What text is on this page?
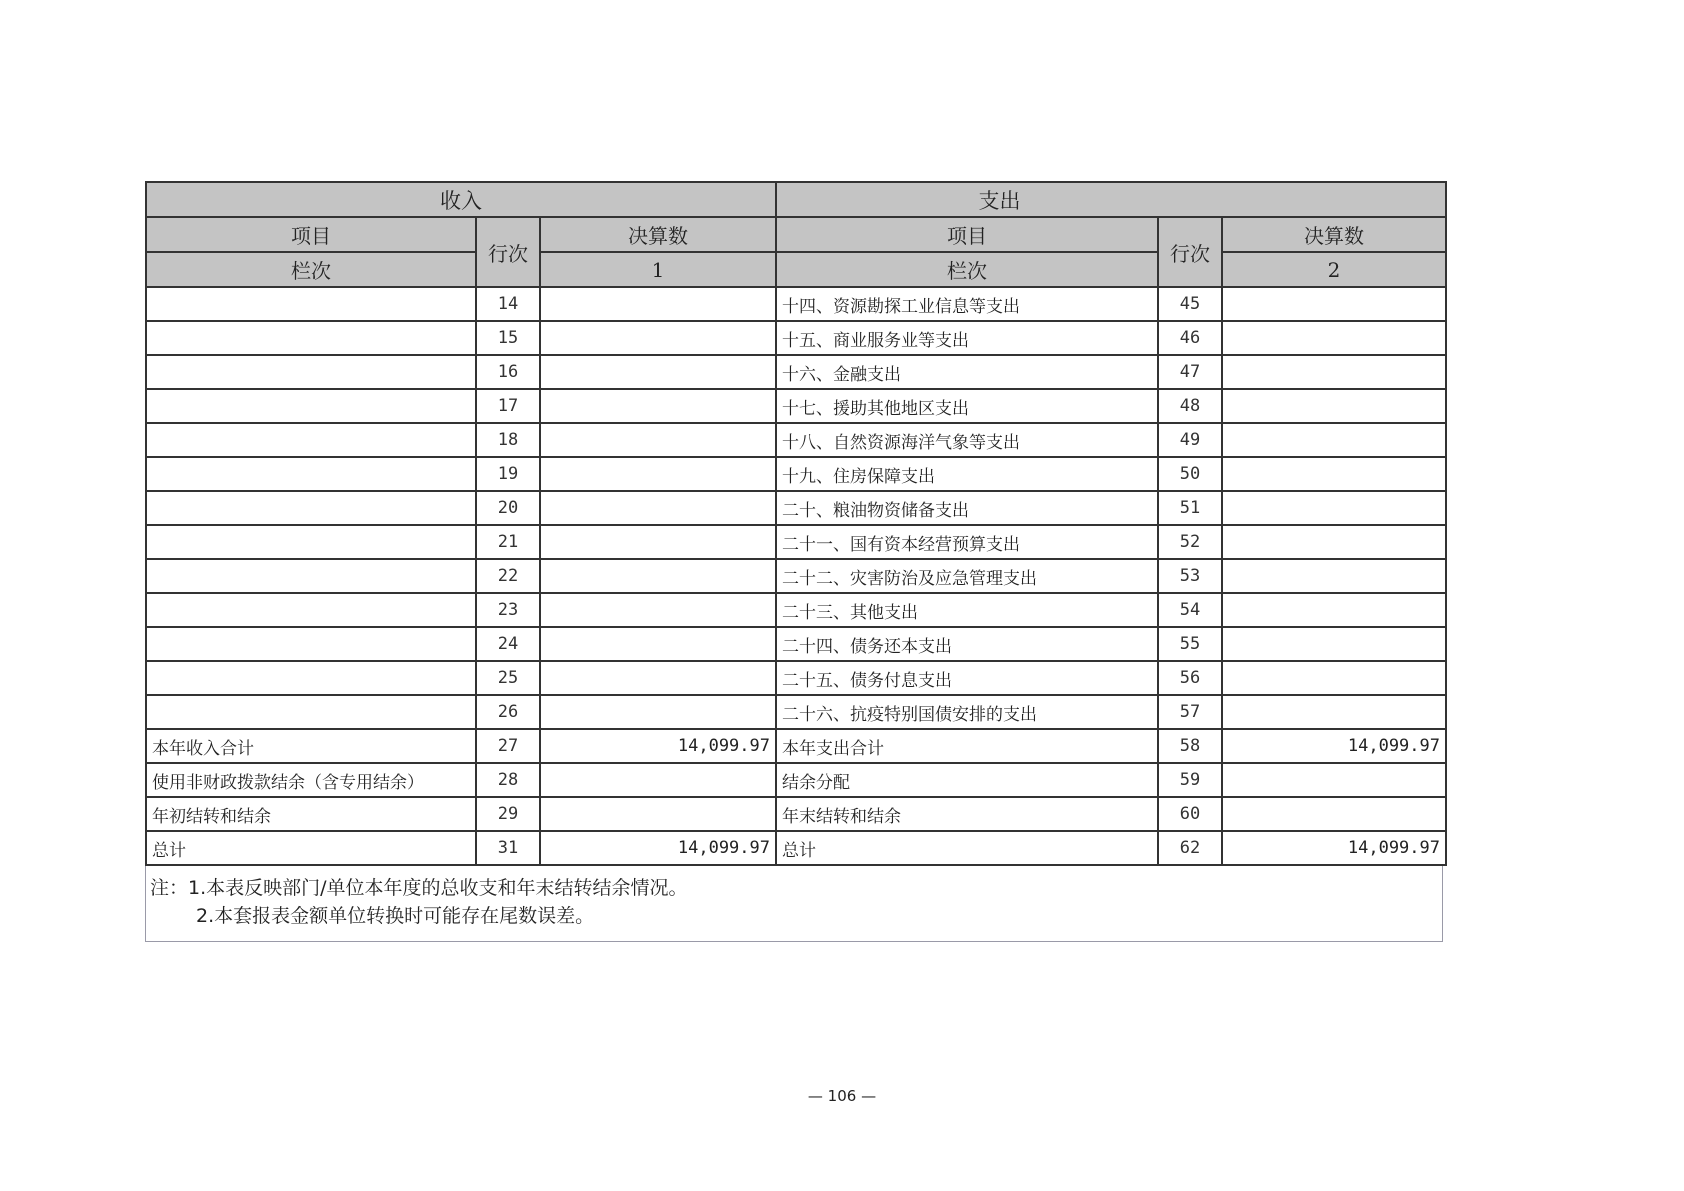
收入			支出		
项目	行次	决算数	项目	行次	决算数
栏次		1	栏次		2
	14		十四、资源勘探工业信息等支出	45	
	15		十五、商业服务业等支出	46	
	16		十六、金融支出	47	
	17		十七、援助其他地区支出	48	
	18		十八、自然资源海洋气象等支出	49	
	19		十九、住房保障支出	50	
	20		二十、粮油物资储备支出	51	
	21		二十一、国有资本经营预算支出	52	
	22		二十二、灾害防治及应急管理支出	53	
	23		二十三、其他支出	54	
	24		二十四、债务还本支出	55	
	25		二十五、债务付息支出	56	
	26		二十六、抗疫特别国债安排的支出	57	
本年收入合计	27	14,099.97	本年支出合计	58	14,099.97
使用非财政拨款结余（含专用结余）	28		结余分配	59	
年初结转和结余	29		年末结转和结余	60	
总计	31	14,099.97	总计	62	14,099.97
注：1.本表反映部门/单位本年度的总收支和年末结转结余情况。
2.本套报表金额单位转换时可能存在尾数误差。
— 106 —
